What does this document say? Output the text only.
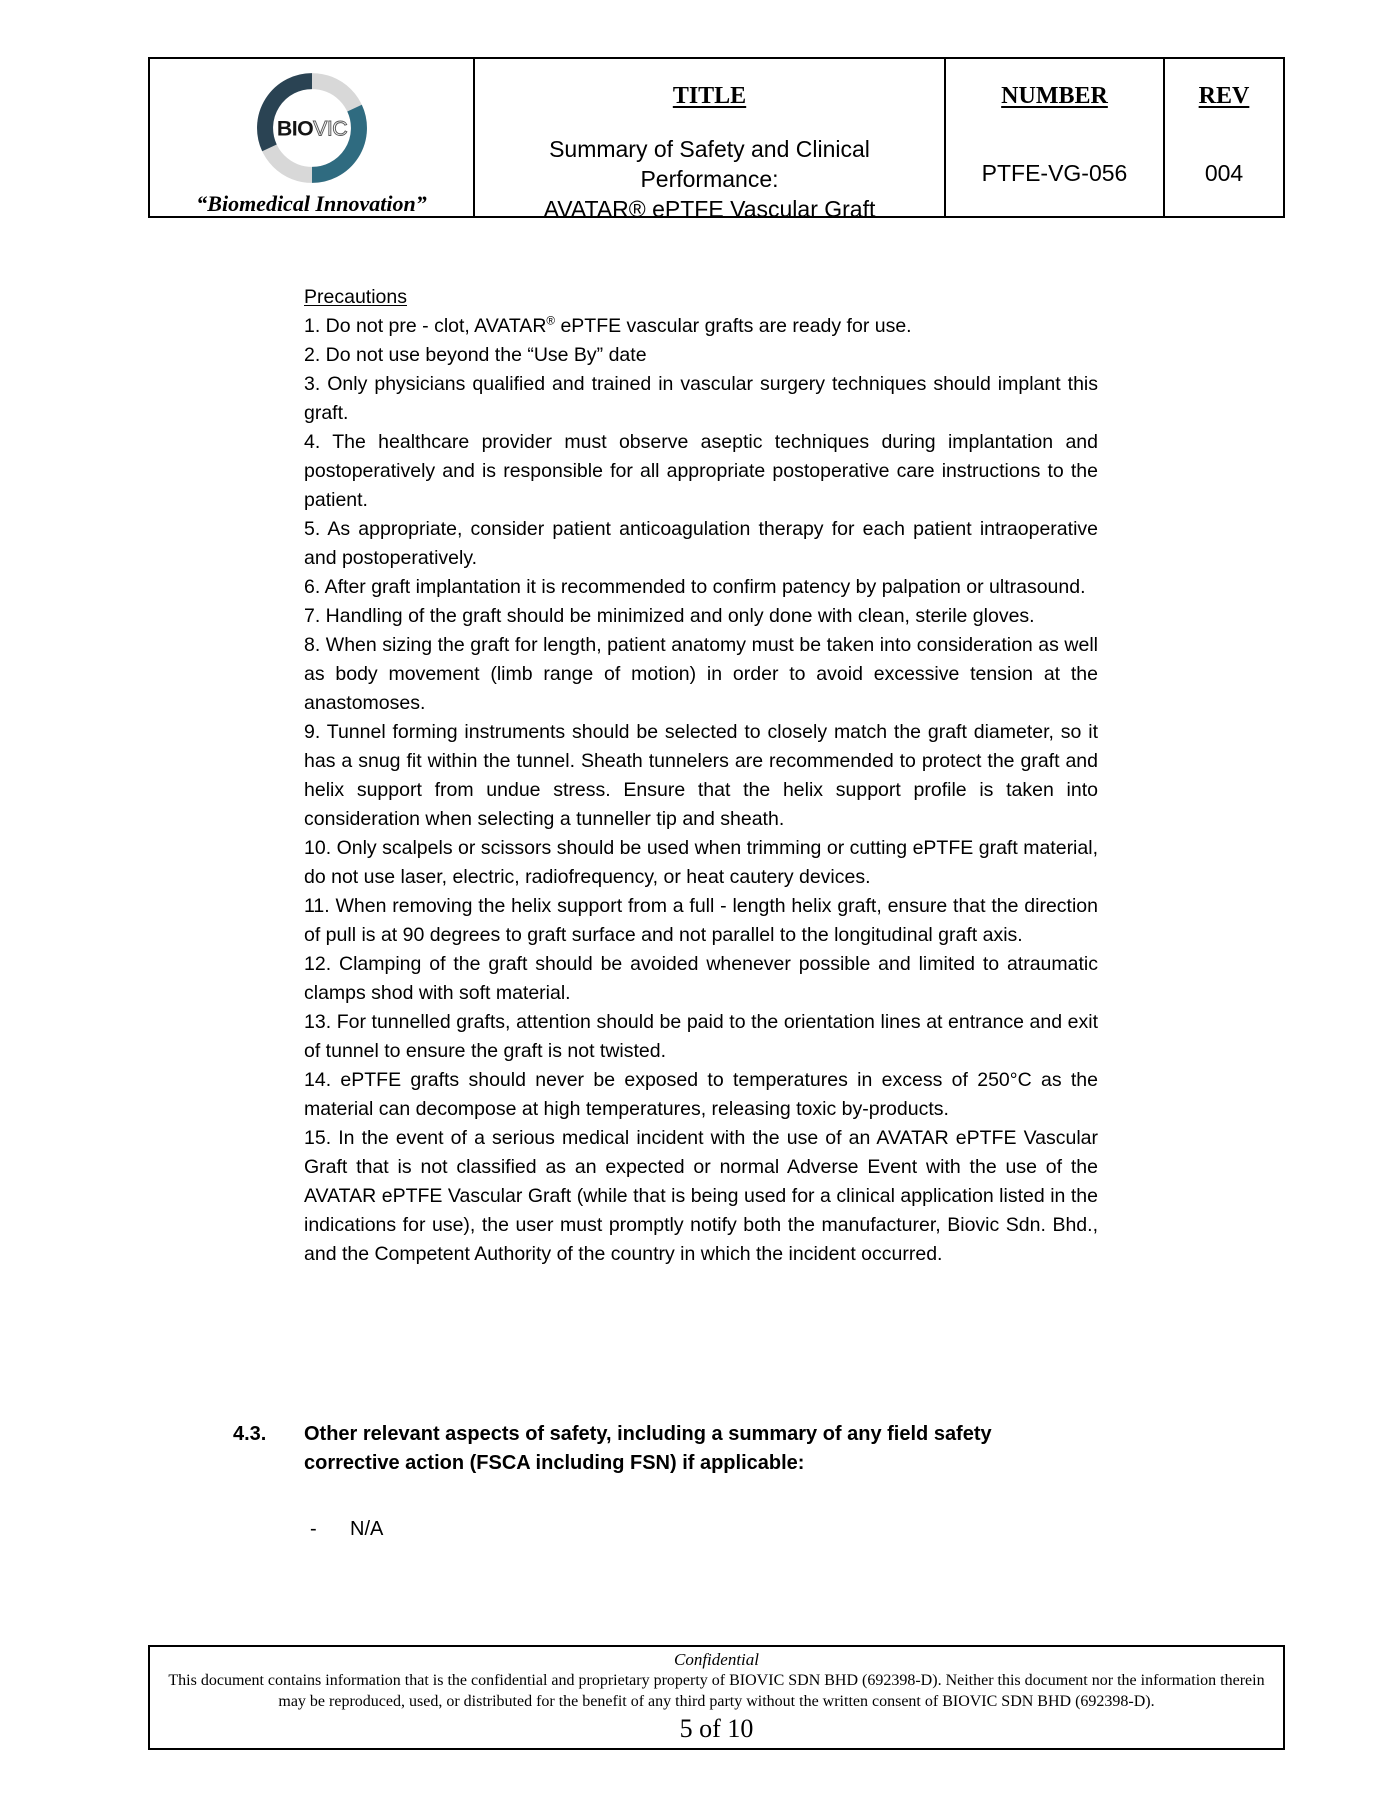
BIOVIC
“Biomedical Innovation”
TITLE
Summary of Safety and Clinical
Performance:
AVATAR® ePTFE Vascular Graft
NUMBER
PTFE-VG-056
REV
004
Precautions

1. Do not pre - clot, AVATAR® ePTFE vascular grafts are ready for use.

2. Do not use beyond the “Use By” date

3. Only physicians qualified and trained in vascular surgery techniques should implant this graft.

4. The healthcare provider must observe aseptic techniques during implantation and postoperatively and is responsible for all appropriate postoperative care instructions to the patient.

5. As appropriate, consider patient anticoagulation therapy for each patient intraoperative and postoperatively.

6. After graft implantation it is recommended to confirm patency by palpation or ultrasound.

7. Handling of the graft should be minimized and only done with clean, sterile gloves.

8. When sizing the graft for length, patient anatomy must be taken into consideration as well as body movement (limb range of motion) in order to avoid excessive tension at the anastomoses.

9. Tunnel forming instruments should be selected to closely match the graft diameter, so it has a snug fit within the tunnel. Sheath tunnelers are recommended to protect the graft and helix support from undue stress. Ensure that the helix support profile is taken into consideration when selecting a tunneller tip and sheath.

10. Only scalpels or scissors should be used when trimming or cutting ePTFE graft material, do not use laser, electric, radiofrequency, or heat cautery devices.

11. When removing the helix support from a full - length helix graft, ensure that the direction of pull is at 90 degrees to graft surface and not parallel to the longitudinal graft axis.

12. Clamping of the graft should be avoided whenever possible and limited to atraumatic clamps shod with soft material.

13. For tunnelled grafts, attention should be paid to the orientation lines at entrance and exit of tunnel to ensure the graft is not twisted.

14. ePTFE grafts should never be exposed to temperatures in excess of 250°C as the material can decompose at high temperatures, releasing toxic by-products.

15. In the event of a serious medical incident with the use of an AVATAR ePTFE Vascular Graft that is not classified as an expected or normal Adverse Event with the use of the AVATAR ePTFE Vascular Graft (while that is being used for a clinical application listed in the indications for use), the user must promptly notify both the manufacturer, Biovic Sdn. Bhd., and the Competent Authority of the country in which the incident occurred.

4.3.	Other relevant aspects of safety, including a summary of any field safety
corrective action (FSCA including FSN) if applicable:
-	N/A
Confidential
This document contains information that is the confidential and proprietary property of BIOVIC SDN BHD (692398-D). Neither this document nor the information therein
may be reproduced, used, or distributed for the benefit of any third party without the written consent of BIOVIC SDN BHD (692398-D).
5 of 10
